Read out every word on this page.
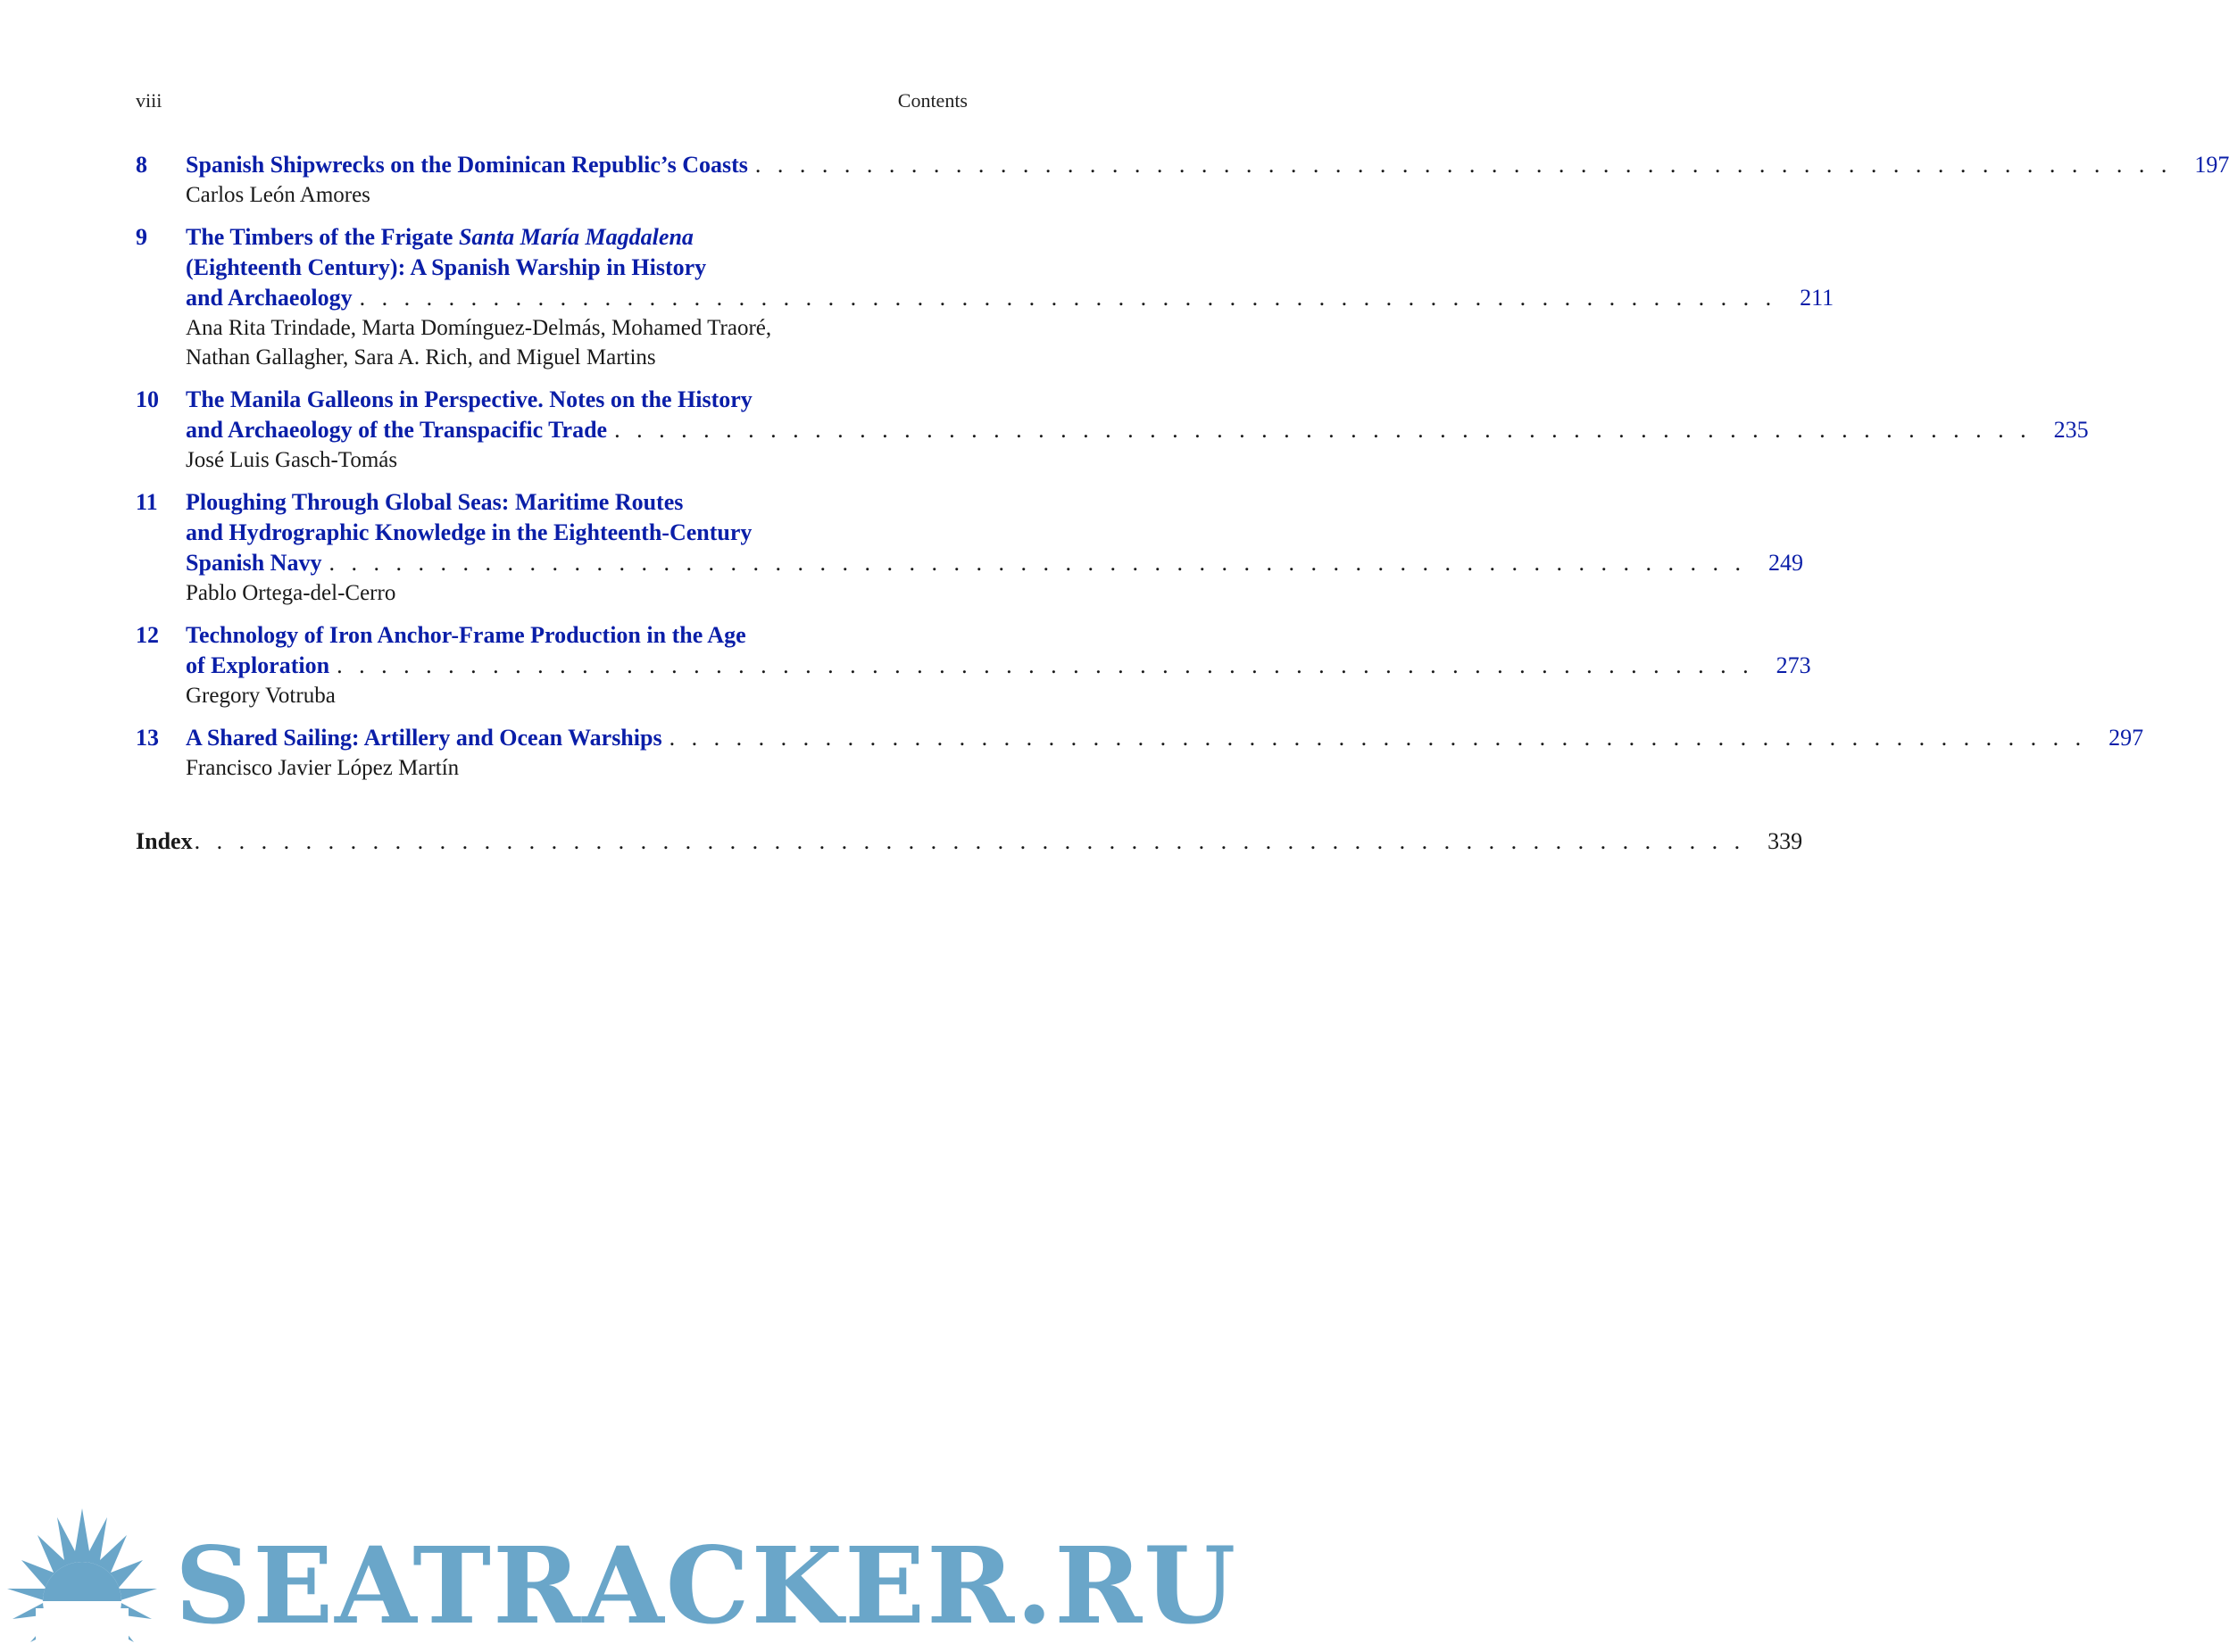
viii	Contents
8	Spanish Shipwrecks on the Dominican Republic’s Coasts . . . . . . . . . . . . . . . . . . . . . . . . . . . . . . . . . . . . . . . . . . . . . . . . . . . . . . . . . . . . . . . . 197
Carlos León Amores
9	The Timbers of the Frigate Santa María Magdalena
(Eighteenth Century): A Spanish Warship in History
and Archaeology . . . . . . . . . . . . . . . . . . . . . . . . . . . . . . . . . . . . . . . . . . . . . . . . . . . . . . . . . . . . . . . . 211
Ana Rita Trindade, Marta Domínguez-Delmás, Mohamed Traoré,
Nathan Gallagher, Sara A. Rich, and Miguel Martins
10	The Manila Galleons in Perspective. Notes on the History
and Archaeology of the Transpacific Trade . . . . . . . . . . . . . . . . . . . . . . . . . . . . . . . . . . . . . . . . . . . . . . . . . . . . . . . . . . . . . . . . 235
José Luis Gasch-Tomás
11	Ploughing Through Global Seas: Maritime Routes
and Hydrographic Knowledge in the Eighteenth-Century
Spanish Navy . . . . . . . . . . . . . . . . . . . . . . . . . . . . . . . . . . . . . . . . . . . . . . . . . . . . . . . . . . . . . . . . 249
Pablo Ortega-del-Cerro
12	Technology of Iron Anchor-Frame Production in the Age
of Exploration . . . . . . . . . . . . . . . . . . . . . . . . . . . . . . . . . . . . . . . . . . . . . . . . . . . . . . . . . . . . . . . . 273
Gregory Votruba
13	A Shared Sailing: Artillery and Ocean Warships . . . . . . . . . . . . . . . . . . . . . . . . . . . . . . . . . . . . . . . . . . . . . . . . . . . . . . . . . . . . . . . . 297
Francisco Javier López Martín
Index . . . . . . . . . . . . . . . . . . . . . . . . . . . . . . . . . . . . . . . . . . . . . . . . . . . . . . . . . . . . . . . . . . . . . . 339
SEATRACKER.RU
